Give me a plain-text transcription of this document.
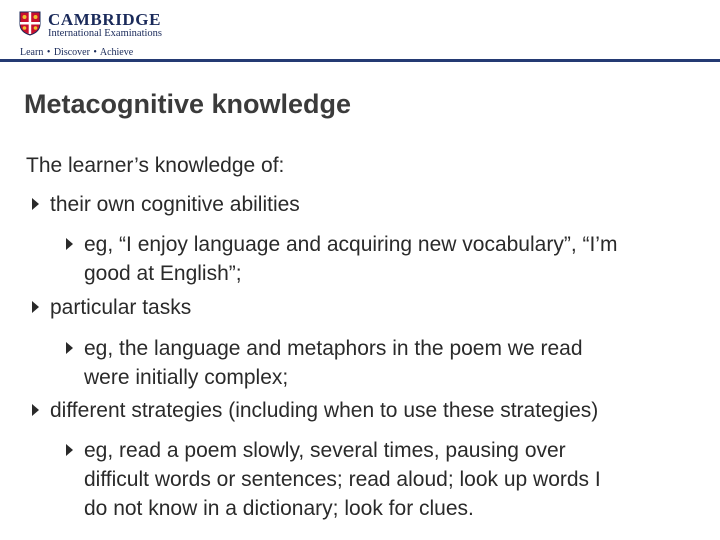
CAMBRIDGE
International Examinations
Learn • Discover • Achieve
Metacognitive knowledge
The learner’s knowledge of:
their own cognitive abilities
eg, “I enjoy language and acquiring new vocabulary”, “I’m
good at English”;
particular tasks
eg, the language and metaphors in the poem we read
were initially complex;
different strategies (including when to use these strategies)
eg, read a poem slowly, several times, pausing over
difficult words or sentences; read aloud; look up words I
do not know in a dictionary; look for clues.
